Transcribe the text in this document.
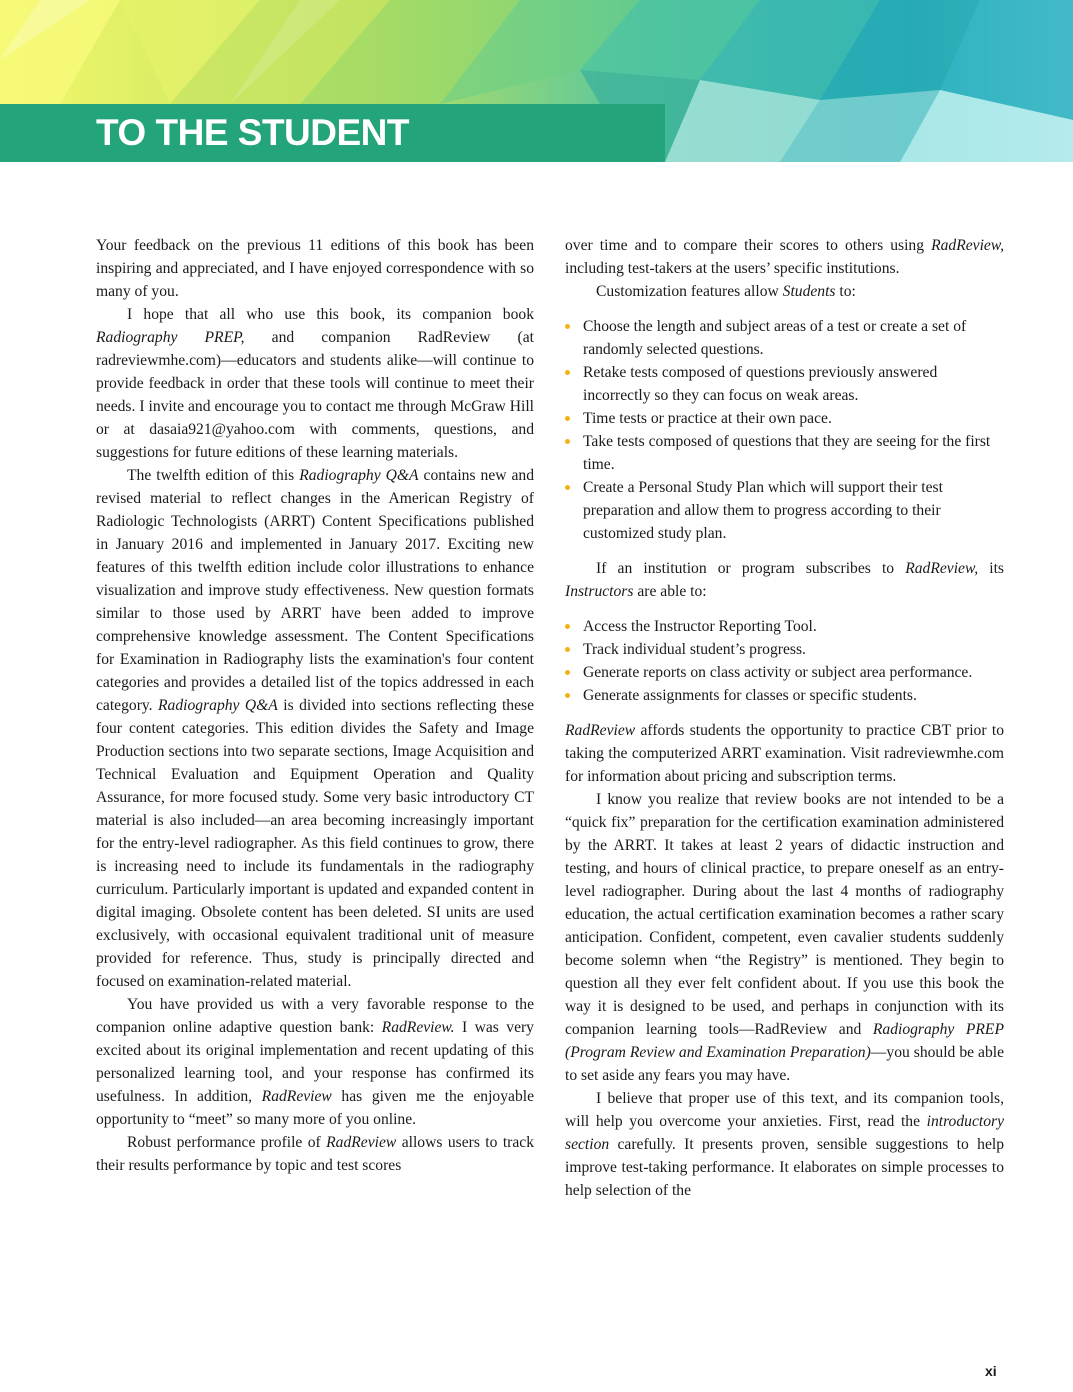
TO THE STUDENT

Your feedback on the previous 11 editions of this book has been inspiring and appreciated, and I have enjoyed correspondence with so many of you.

I hope that all who use this book, its companion book Radiography PREP, and companion RadReview (at radreviewmhe.com)—educators and students alike—will continue to provide feedback in order that these tools will continue to meet their needs. I invite and encourage you to contact me through McGraw Hill or at dasaia921@yahoo.com with comments, questions, and suggestions for future editions of these learning materials.

The twelfth edition of this Radiography Q&A contains new and revised material to reflect changes in the American Registry of Radiologic Technologists (ARRT) Content Specifications published in January 2016 and implemented in January 2017. Exciting new features of this twelfth edition include color illustrations to enhance visualization and improve study effectiveness. New question formats similar to those used by ARRT have been added to improve comprehensive knowledge assessment. The Content Specifications for Examination in Radiography lists the examination's four content categories and provides a detailed list of the topics addressed in each category. Radiography Q&A is divided into sections reflecting these four content categories. This edition divides the Safety and Image Production sections into two separate sections, Image Acquisition and Technical Evaluation and Equipment Operation and Quality Assurance, for more focused study. Some very basic introductory CT material is also included—an area becoming increasingly important for the entry-level radiographer. As this field continues to grow, there is increasing need to include its fundamentals in the radiography curriculum. Particularly important is updated and expanded content in digital imaging. Obsolete content has been deleted. SI units are used exclusively, with occasional equivalent traditional unit of measure provided for reference. Thus, study is principally directed and focused on examination-related material.

You have provided us with a very favorable response to the companion online adaptive question bank: RadReview. I was very excited about its original implementation and recent updating of this personalized learning tool, and your response has confirmed its usefulness. In addition, RadReview has given me the enjoyable opportunity to “meet” so many more of you online.

Robust performance profile of RadReview allows users to track their results performance by topic and test scores

over time and to compare their scores to others using RadReview, including test-takers at the users’ specific institutions.

Customization features allow Students to:

Choose the length and subject areas of a test or create a set of randomly selected questions.
Retake tests composed of questions previously answered incorrectly so they can focus on weak areas.
Time tests or practice at their own pace.
Take tests composed of questions that they are seeing for the first time.
Create a Personal Study Plan which will support their test preparation and allow them to progress according to their customized study plan.

If an institution or program subscribes to RadReview, its Instructors are able to:

Access the Instructor Reporting Tool.
Track individual student’s progress.
Generate reports on class activity or subject area performance.
Generate assignments for classes or specific students.

RadReview affords students the opportunity to practice CBT prior to taking the computerized ARRT examination. Visit radreviewmhe.com for information about pricing and subscription terms.

I know you realize that review books are not intended to be a “quick fix” preparation for the certification examination administered by the ARRT. It takes at least 2 years of didactic instruction and testing, and hours of clinical practice, to prepare oneself as an entry-level radiographer. During about the last 4 months of radiography education, the actual certification examination becomes a rather scary anticipation. Confident, competent, even cavalier students suddenly become solemn when “the Registry” is mentioned. They begin to question all they ever felt confident about. If you use this book the way it is designed to be used, and perhaps in conjunction with its companion learning tools—RadReview and Radiography PREP (Program Review and Examination Preparation)—you should be able to set aside any fears you may have.

I believe that proper use of this text, and its companion tools, will help you overcome your anxieties. First, read the introductory section carefully. It presents proven, sensible suggestions to help improve test-taking performance. It elaborates on simple processes to help selection of the

xi
